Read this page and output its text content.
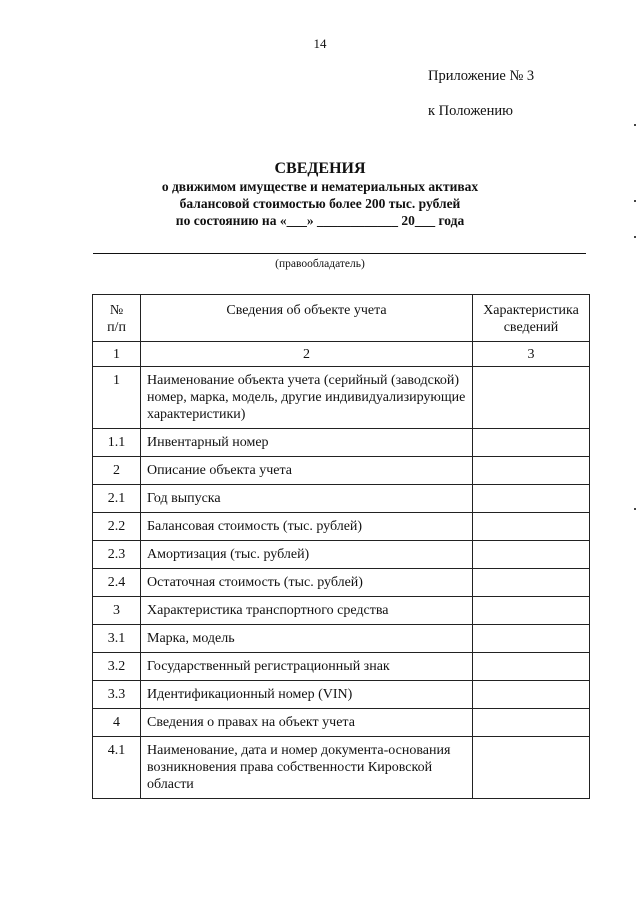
14
Приложение № 3
к Положению
СВЕДЕНИЯ
о движимом имуществе и нематериальных активах
балансовой стоимостью более 200 тыс. рублей
по состоянию на «___» ____________ 20___ года
(правообладатель)
№
п/п	Сведения об объекте учета	Характеристика
сведений
1	2	3
1	Наименование объекта учета (серийный (заводской) номер, марка, модель, другие индивидуализирующие характеристики)	
1.1	Инвентарный номер	
2	Описание объекта учета	
2.1	Год выпуска	
2.2	Балансовая стоимость (тыс. рублей)	
2.3	Амортизация (тыс. рублей)	
2.4	Остаточная стоимость (тыс. рублей)	
3	Характеристика транспортного средства	
3.1	Марка, модель	
3.2	Государственный регистрационный знак	
3.3	Идентификационный номер (VIN)	
4	Сведения о правах на объект учета	
4.1	Наименование, дата и номер документа-основания возникновения права собственности Кировской области	
